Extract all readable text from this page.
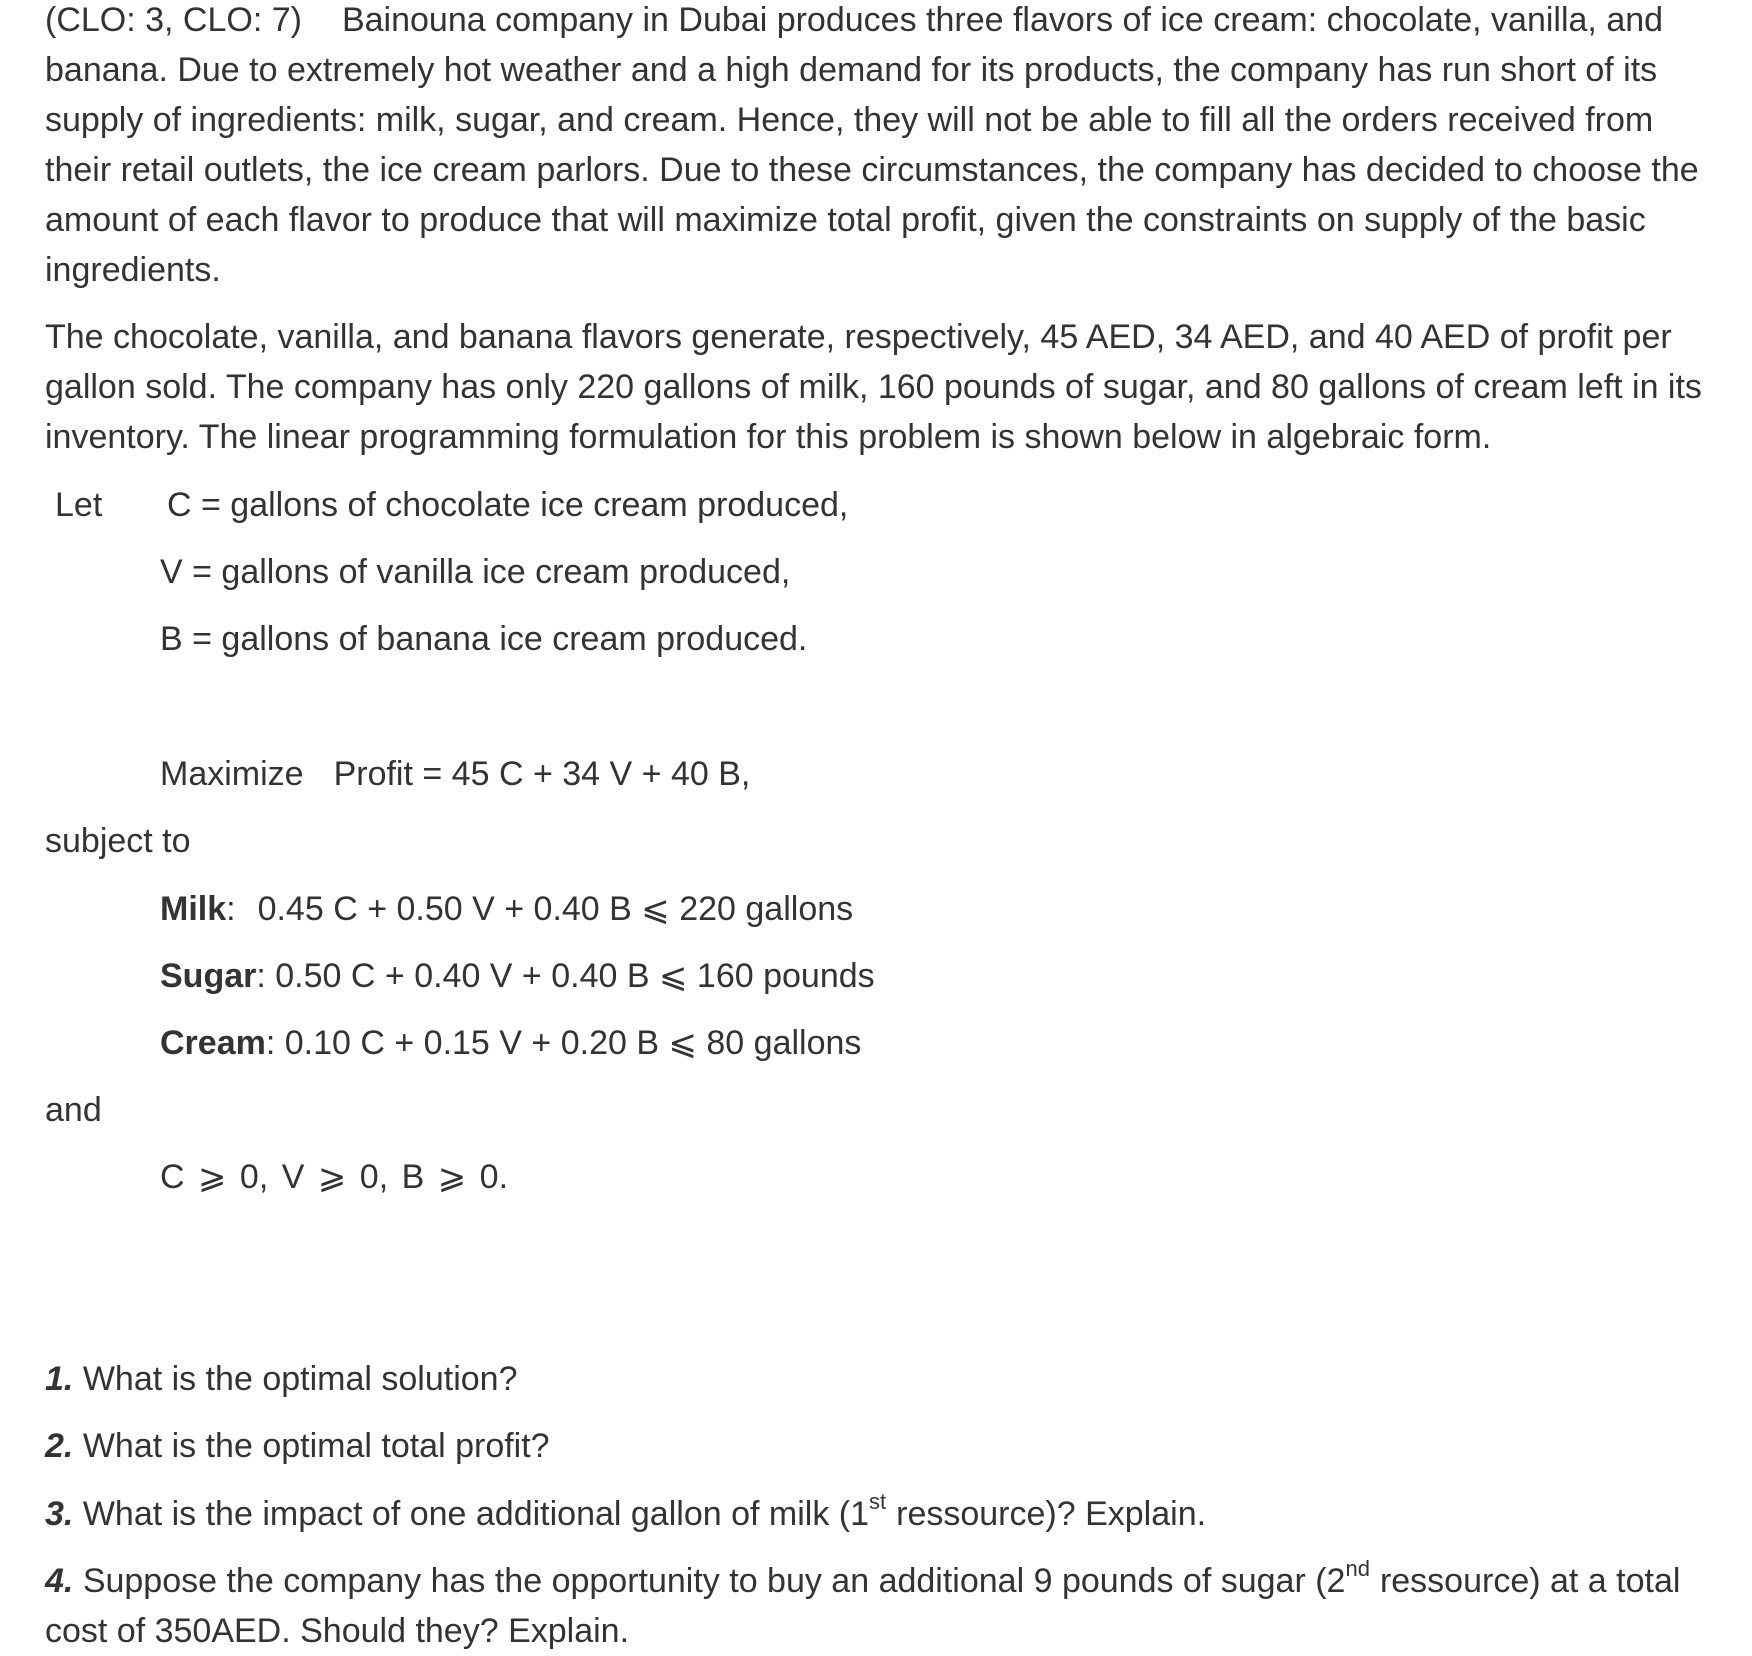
(CLO: 3, CLO: 7) Bainouna company in Dubai produces three flavors of ice cream: chocolate, vanilla, and banana. Due to extremely hot weather and a high demand for its products, the company has run short of its supply of ingredients: milk, sugar, and cream. Hence, they will not be able to fill all the orders received from their retail outlets, the ice cream parlors. Due to these circumstances, the company has decided to choose the amount of each flavor to produce that will maximize total profit, given the constraints on supply of the basic ingredients.

The chocolate, vanilla, and banana flavors generate, respectively, 45 AED, 34 AED, and 40 AED of profit per gallon sold. The company has only 220 gallons of milk, 160 pounds of sugar, and 80 gallons of cream left in its inventory. The linear programming formulation for this problem is shown below in algebraic form.

Let C = gallons of chocolate ice cream produced,

V = gallons of vanilla ice cream produced,

B = gallons of banana ice cream produced.

Maximize Profit = 45 C + 34 V + 40 B,

subject to

Milk: 0.45 C + 0.50 V + 0.40 B ⩽ 220 gallons

Sugar: 0.50 C + 0.40 V + 0.40 B ⩽ 160 pounds

Cream: 0.10 C + 0.15 V + 0.20 B ⩽ 80 gallons

and

C ⩾ 0, V ⩾ 0, B ⩾ 0.

1. What is the optimal solution?

2. What is the optimal total profit?

3. What is the impact of one additional gallon of milk (1st ressource)? Explain.

4. Suppose the company has the opportunity to buy an additional 9 pounds of sugar (2nd ressource) at a total cost of 350AED. Should they? Explain.
